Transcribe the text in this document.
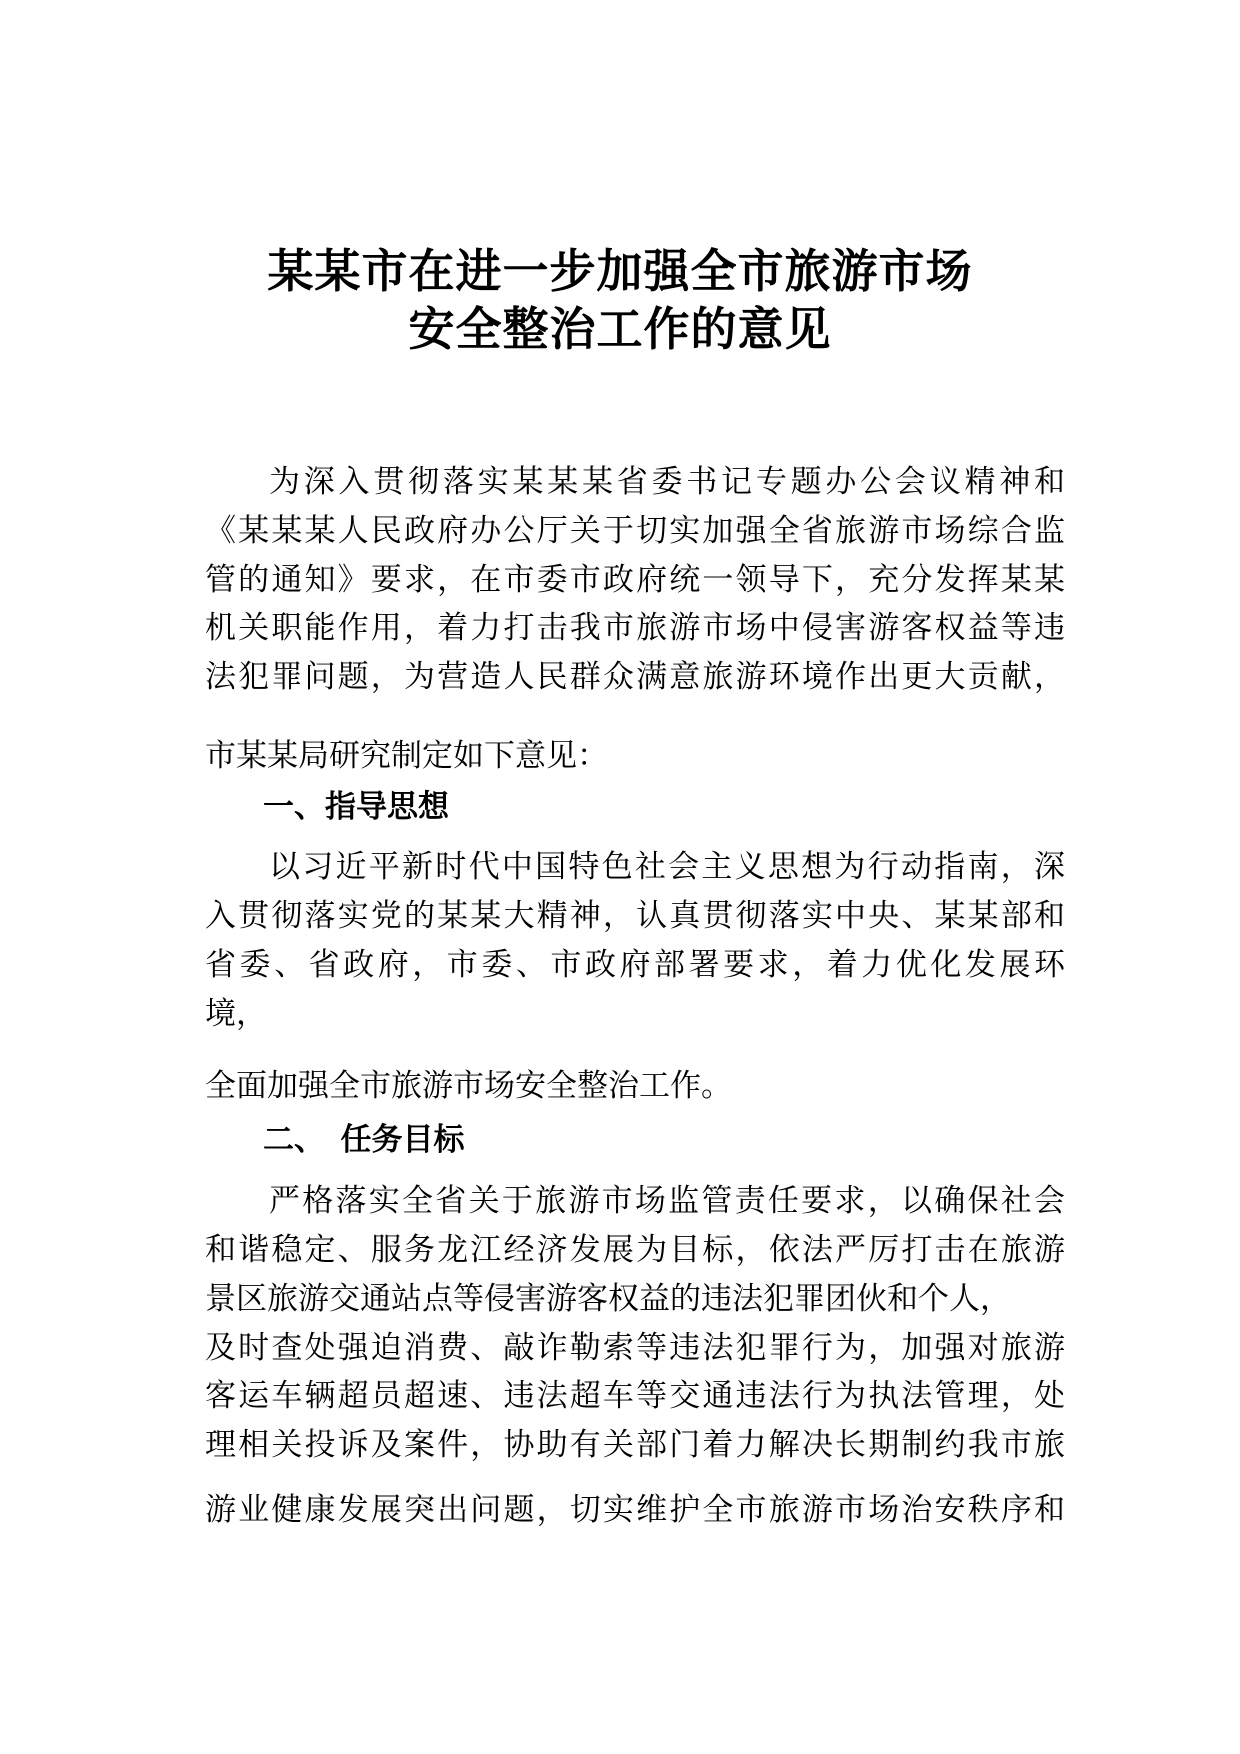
某某市在进一步加强全市旅游市场
安全整治工作的意见
为深入贯彻落实某某某省委书记专题办公会议精神和
《某某某人民政府办公厅关于切实加强全省旅游市场综合监
管的通知》要求，在市委市政府统一领导下，充分发挥某某
机关职能作用，着力打击我市旅游市场中侵害游客权益等违
法犯罪问题，为营造人民群众满意旅游环境作出更大贡献，
市某某局研究制定如下意见：
一、指导思想
以习近平新时代中国特色社会主义思想为行动指南，深
入贯彻落实党的某某大精神，认真贯彻落实中央、某某部和
省委、省政府，市委、市政府部署要求，着力优化发展环
境，
全面加强全市旅游市场安全整治工作。
二、　任务目标
严格落实全省关于旅游市场监管责任要求，以确保社会
和谐稳定、服务龙江经济发展为目标，依法严厉打击在旅游
景区旅游交通站点等侵害游客权益的违法犯罪团伙和个人，
及时查处强迫消费、敲诈勒索等违法犯罪行为，加强对旅游
客运车辆超员超速、违法超车等交通违法行为执法管理，处
理相关投诉及案件，协助有关部门着力解决长期制约我市旅
游业健康发展突出问题，切实维护全市旅游市场治安秩序和
